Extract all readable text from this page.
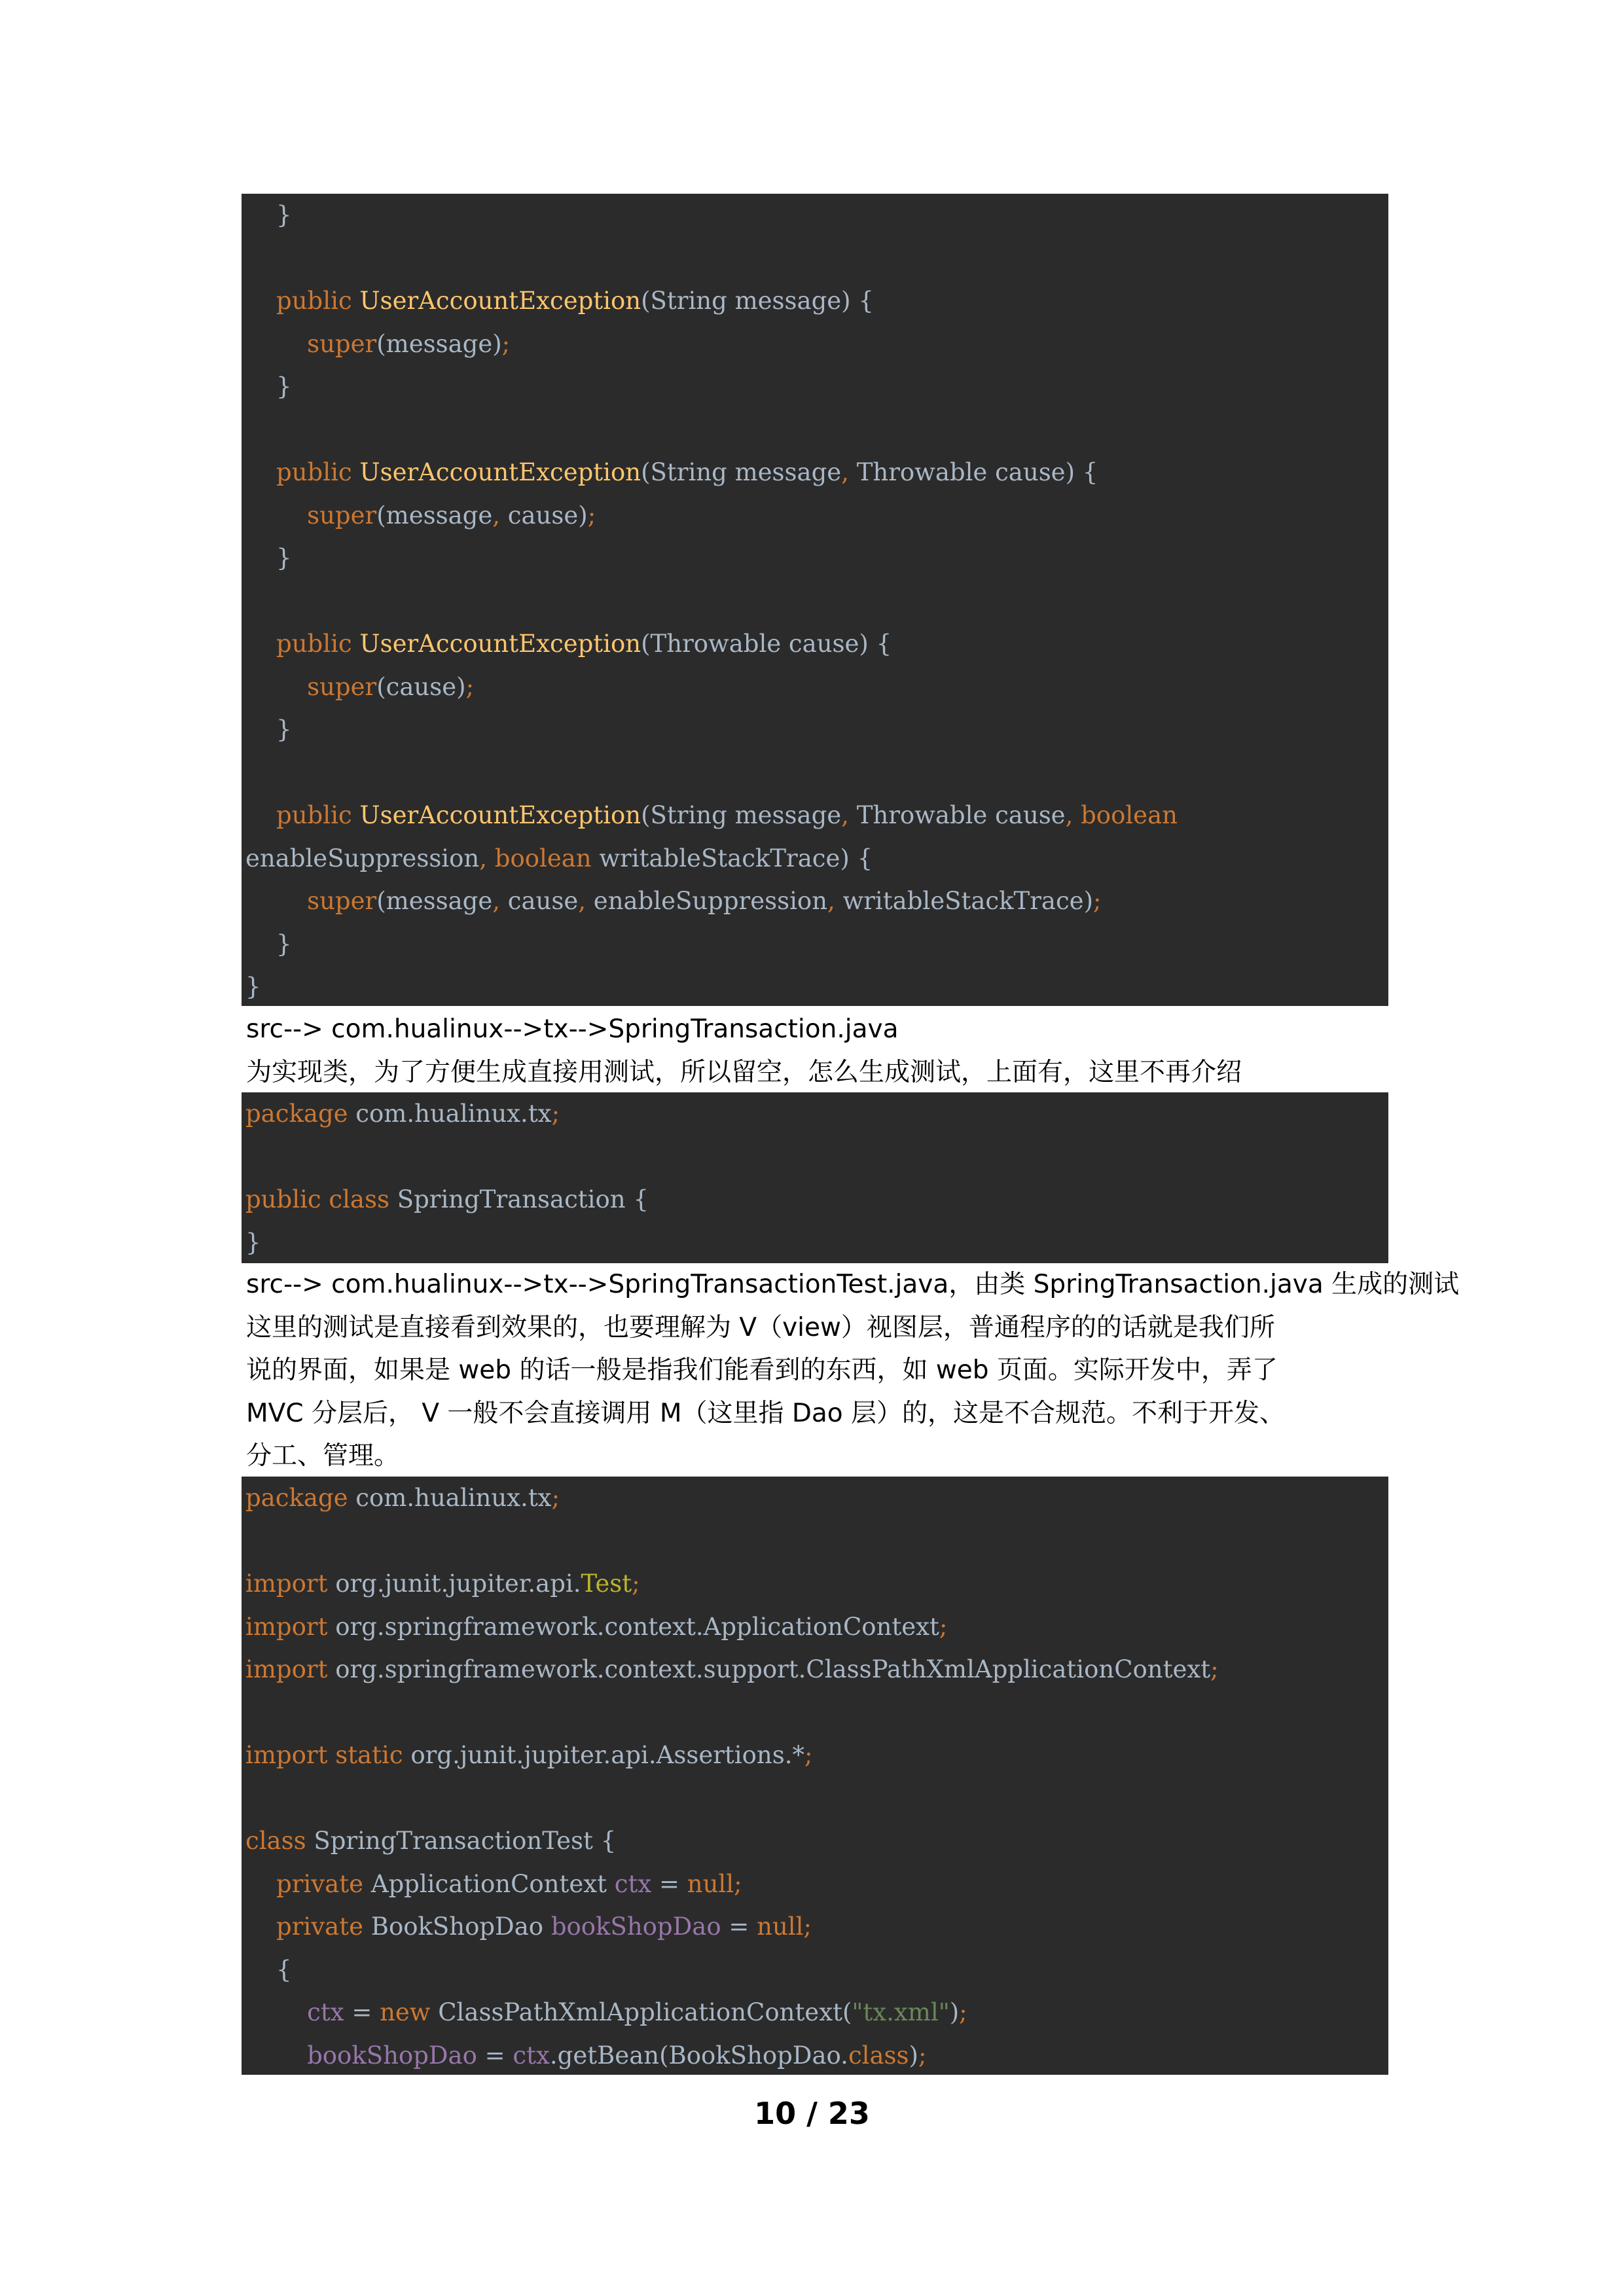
}
public UserAccountException(String message) {
super(message);
}
public UserAccountException(String message, Throwable cause) {
super(message, cause);
}
public UserAccountException(Throwable cause) {
super(cause);
}
public UserAccountException(String message, Throwable cause, boolean
enableSuppression, boolean writableStackTrace) {
super(message, cause, enableSuppression, writableStackTrace);
}
}

src--> com.hualinux-->tx-->SpringTransaction.java

为实现类，为了方便生成直接用测试，所以留空，怎么生成测试，上面有，这里不再介绍

package com.hualinux.tx;
public class SpringTransaction {
}

src--> com.hualinux-->tx-->SpringTransactionTest.java，由类 SpringTransaction.java 生成的测试

这里的测试是直接看到效果的，也要理解为 V（view）视图层，普通程序的的话就是我们所

说的界面，如果是 web 的话一般是指我们能看到的东西，如 web 页面。实际开发中，弄了

MVC 分层后， V 一般不会直接调用 M（这里指 Dao 层）的，这是不合规范。不利于开发、

分工、管理。

package com.hualinux.tx;
import org.junit.jupiter.api.Test;
import org.springframework.context.ApplicationContext;
import org.springframework.context.support.ClassPathXmlApplicationContext;
import static org.junit.jupiter.api.Assertions.*;
class SpringTransactionTest {
private ApplicationContext ctx = null;
private BookShopDao bookShopDao = null;
{
ctx = new ClassPathXmlApplicationContext("tx.xml");
bookShopDao = ctx.getBean(BookShopDao.class);
10 / 23
